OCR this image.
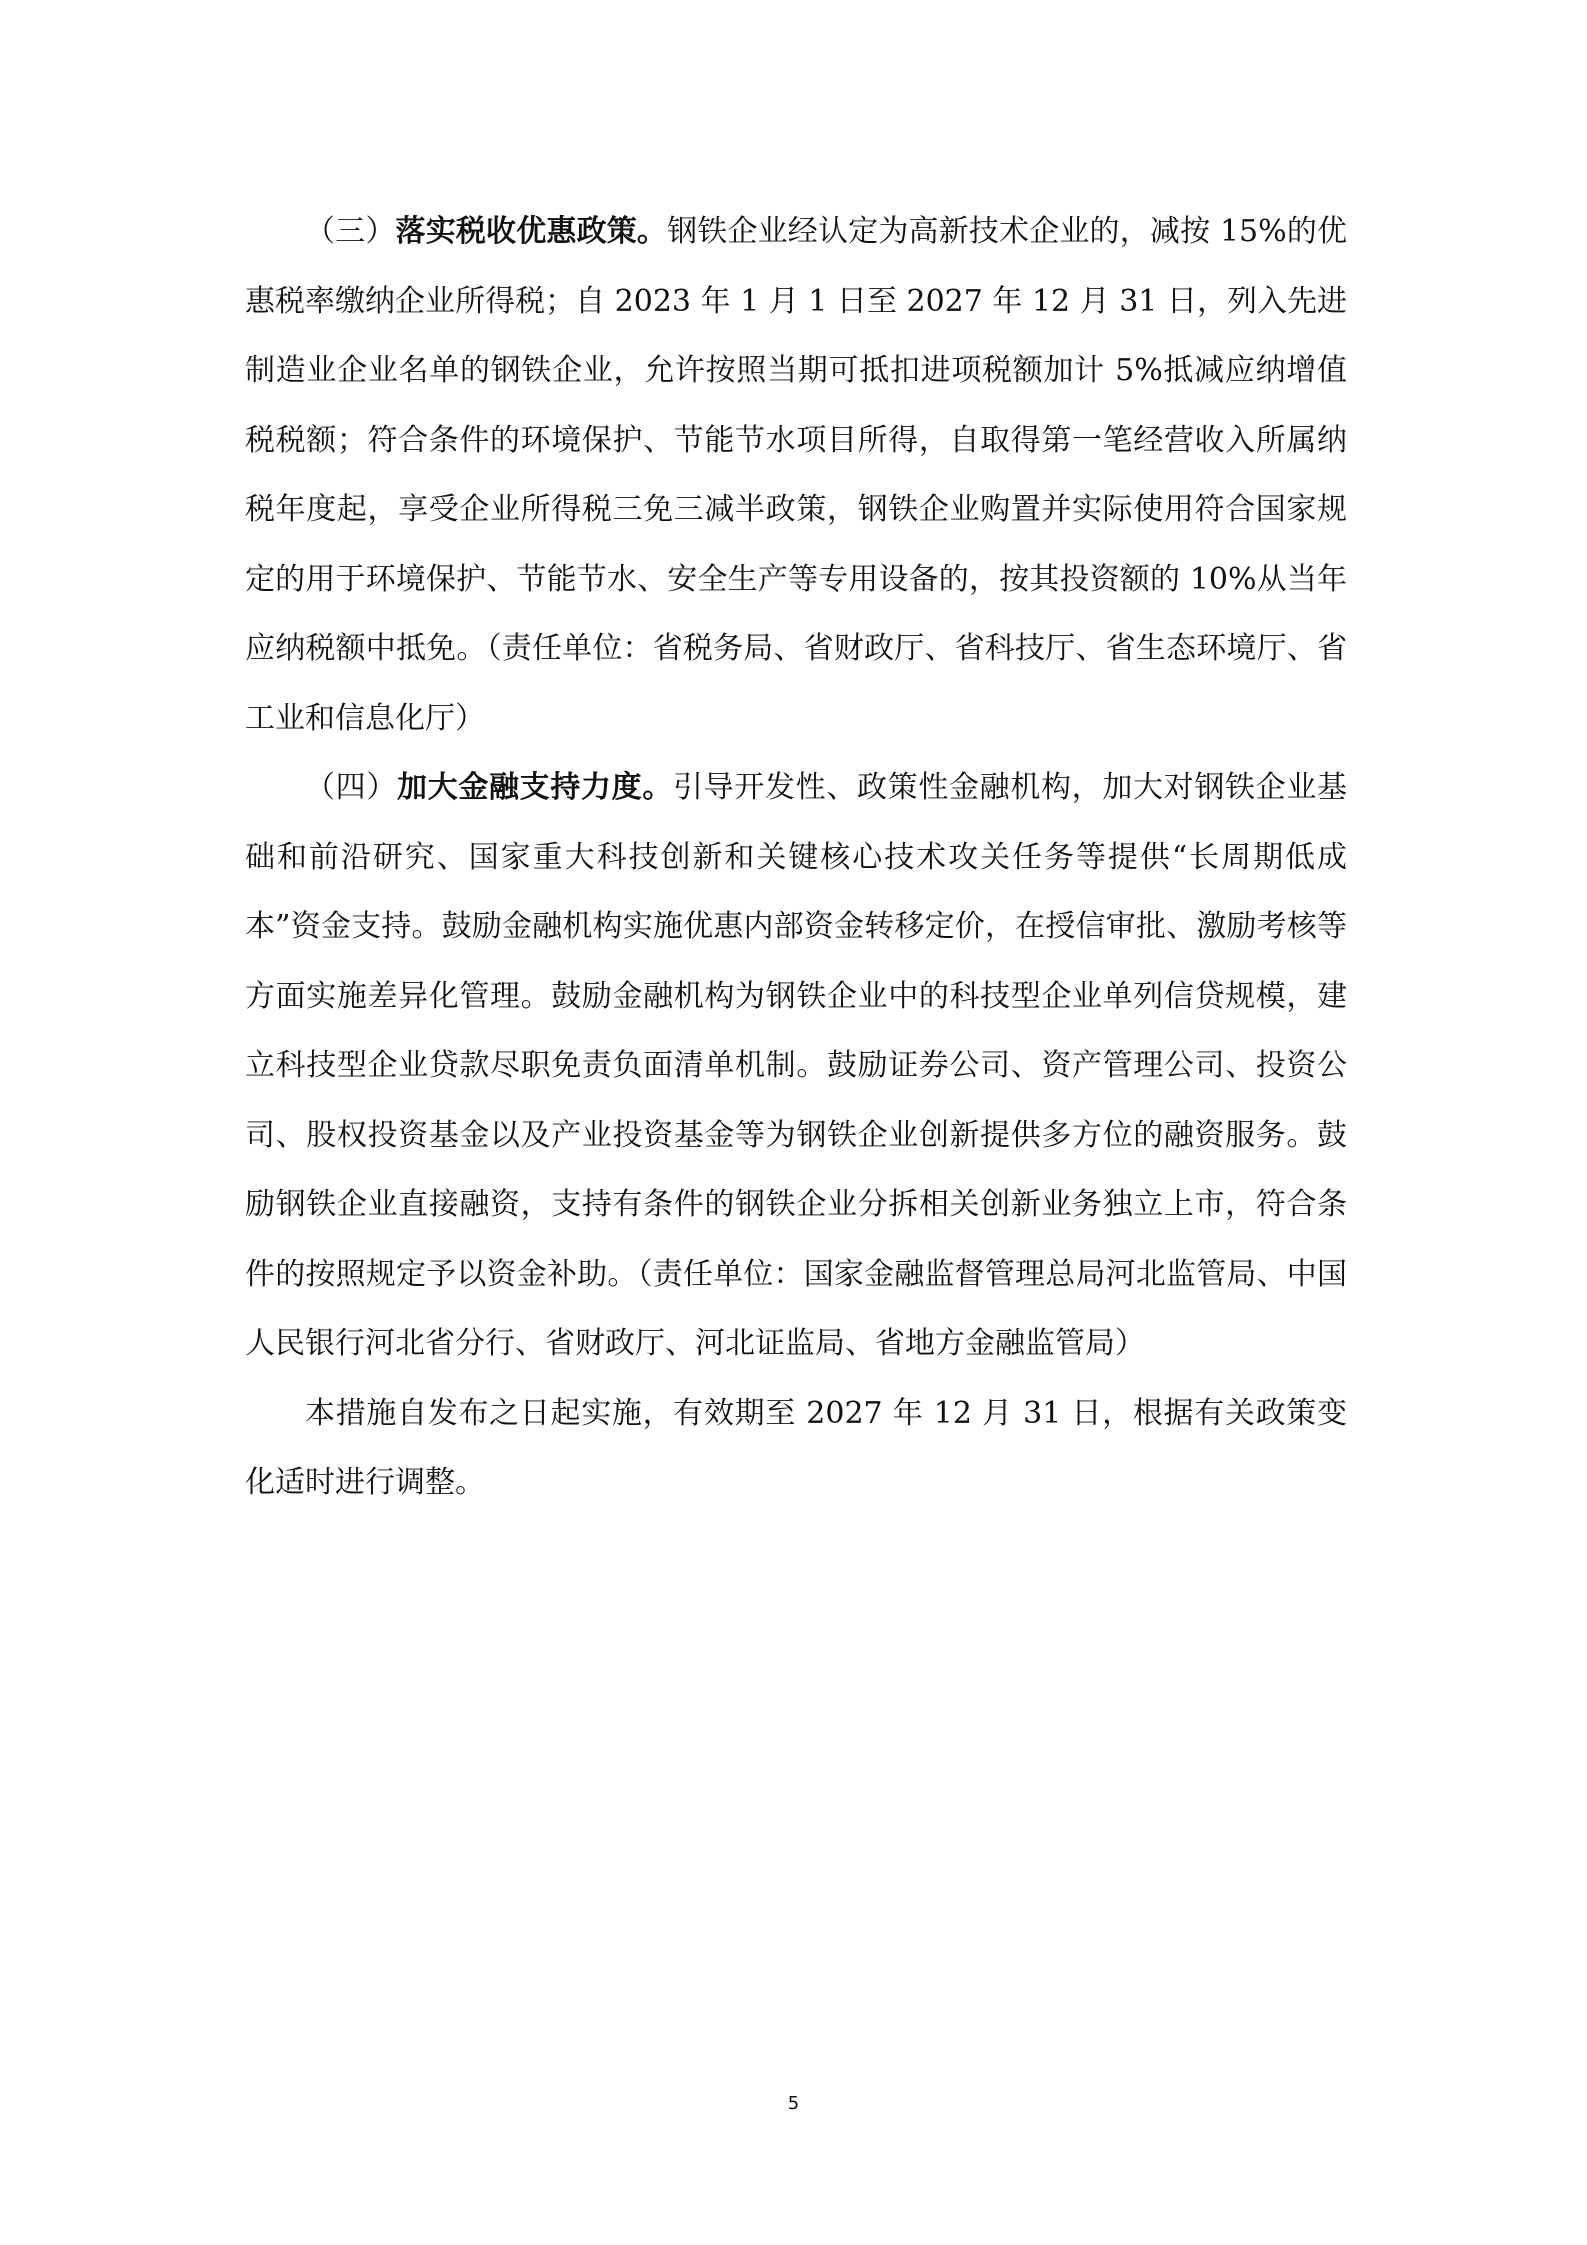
（三）落实税收优惠政策。钢铁企业经认定为高新技术企业的，减按 15%的优惠税率缴纳企业所得税；自 2023 年 1 月 1 日至 2027 年 12 月 31 日，列入先进制造业企业名单的钢铁企业，允许按照当期可抵扣进项税额加计 5%抵减应纳增值税税额；符合条件的环境保护、节能节水项目所得，自取得第一笔经营收入所属纳税年度起，享受企业所得税三免三减半政策，钢铁企业购置并实际使用符合国家规定的用于环境保护、节能节水、安全生产等专用设备的，按其投资额的 10%从当年应纳税额中抵免。（责任单位：省税务局、省财政厅、省科技厅、省生态环境厅、省工业和信息化厅）

（四）加大金融支持力度。引导开发性、政策性金融机构，加大对钢铁企业基础和前沿研究、国家重大科技创新和关键核心技术攻关任务等提供“长周期低成本”资金支持。鼓励金融机构实施优惠内部资金转移定价，在授信审批、激励考核等方面实施差异化管理。鼓励金融机构为钢铁企业中的科技型企业单列信贷规模，建立科技型企业贷款尽职免责负面清单机制。鼓励证券公司、资产管理公司、投资公司、股权投资基金以及产业投资基金等为钢铁企业创新提供多方位的融资服务。鼓励钢铁企业直接融资，支持有条件的钢铁企业分拆相关创新业务独立上市，符合条件的按照规定予以资金补助。（责任单位：国家金融监督管理总局河北监管局、中国人民银行河北省分行、省财政厅、河北证监局、省地方金融监管局）

本措施自发布之日起实施，有效期至 2027 年 12 月 31 日，根据有关政策变化适时进行调整。

5
